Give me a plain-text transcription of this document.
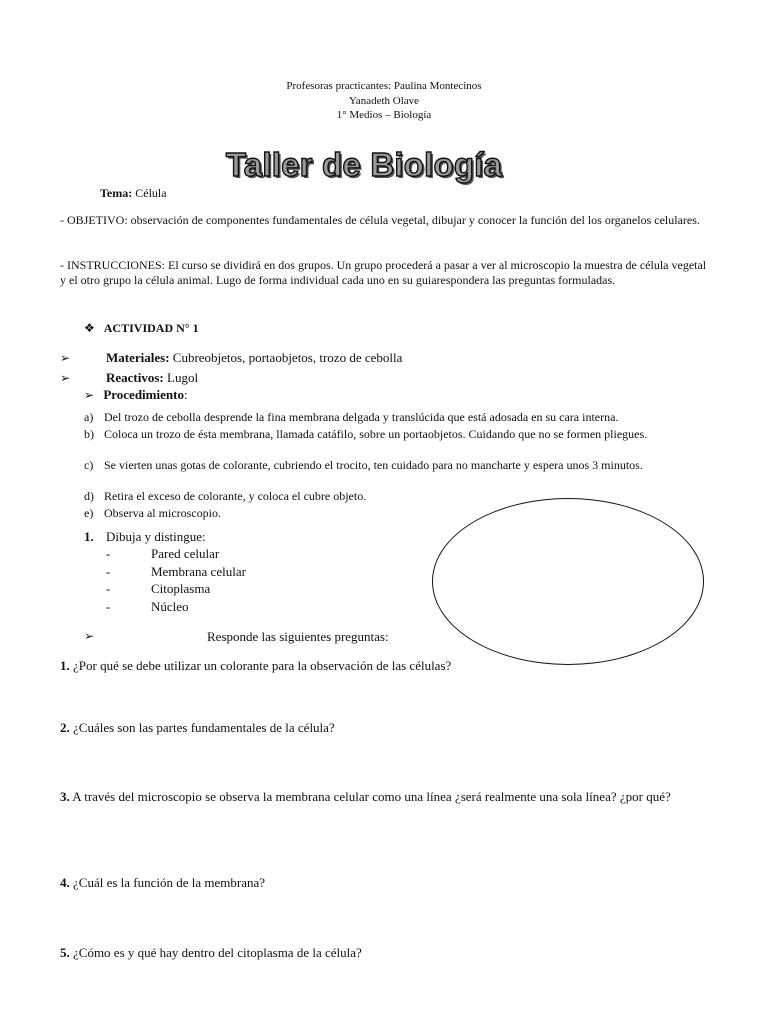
Profesoras practicantes: Paulina Montecinos
Yanadeth Olave
1° Medios – Biología
Taller de Biología
Tema: Célula
- OBJETIVO: observación de componentes fundamentales de célula vegetal, dibujar y conocer la función del los organelos celulares.
- INSTRUCCIONES: El curso se dividirá en dos grupos. Un grupo procederá a pasar a ver al microscopio la muestra de célula vegetal y el otro grupo la célula animal. Lugo de forma individual cada uno en su guiarespondera las preguntas formuladas.
❖ ACTIVIDAD N° 1
➢	Materiales: Cubreobjetos, portaobjetos, trozo de cebolla
➢	Reactivos: Lugol
➢ Procedimiento:
a) Del trozo de cebolla desprende la fina membrana delgada y translúcida que está adosada en su cara interna.
b) Coloca un trozo de ésta membrana, llamada catáfilo, sobre un portaobjetos. Cuidando que no se formen pliegues.
c) Se vierten unas gotas de colorante, cubriendo el trocito, ten cuidado para no mancharte y espera unos 3 minutos.
d) Retira el exceso de colorante, y coloca el cubre objeto.
e) Observa al microscopio.
1. Dibuja y distingue:
-	Pared celular
-	Membrana celular
-	Citoplasma
-	Núcleo
➢	Responde las siguientes preguntas:
1. ¿Por qué se debe utilizar un colorante para la observación de las células?
2. ¿Cuáles son las partes fundamentales de la célula?
3. A través del microscopio se observa la membrana celular como una línea ¿será realmente una sola línea? ¿por qué?
4. ¿Cuál es la función de la membrana?
5. ¿Cómo es y qué hay dentro del citoplasma de la célula?
